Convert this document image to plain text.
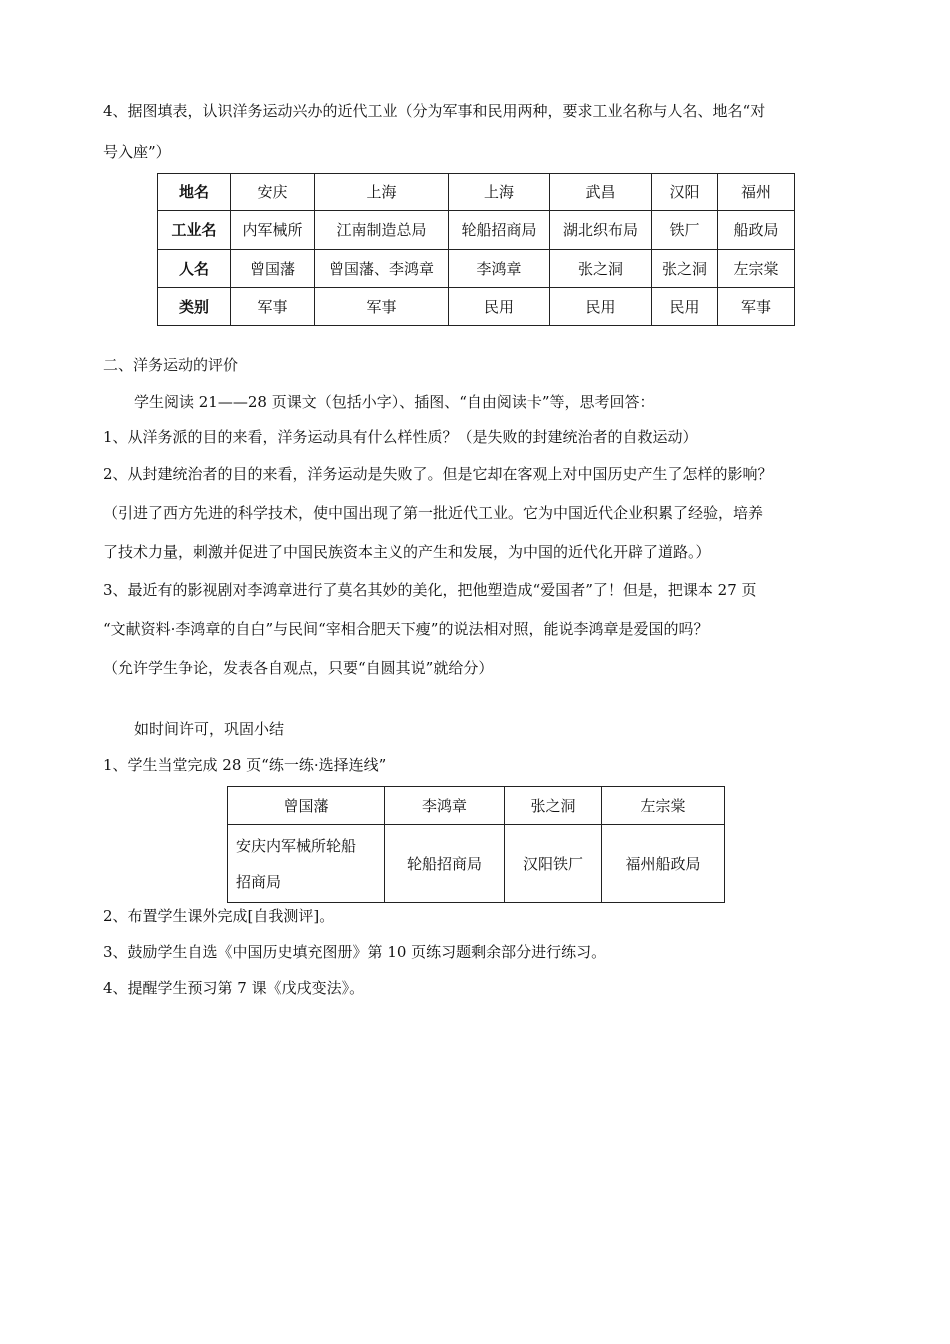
4、据图填表，认识洋务运动兴办的近代工业（分为军事和民用两种，要求工业名称与人名、地名“对
号入座”）
地名	安庆	上海	上海	武昌	汉阳	福州
工业名	内军械所	江南制造总局	轮船招商局	湖北织布局	铁厂	船政局
人名	曾国藩	曾国藩、李鸿章	李鸿章	张之洞	张之洞	左宗棠
类别	军事	军事	民用	民用	民用	军事
二、洋务运动的评价
学生阅读 21——28 页课文（包括小字）、插图、“自由阅读卡”等，思考回答：
1、从洋务派的目的来看，洋务运动具有什么样性质？（是失败的封建统治者的自救运动）
2、从封建统治者的目的来看，洋务运动是失败了。但是它却在客观上对中国历史产生了怎样的影响？
（引进了西方先进的科学技术，使中国出现了第一批近代工业。它为中国近代企业积累了经验，培养
了技术力量，刺激并促进了中国民族资本主义的产生和发展，为中国的近代化开辟了道路。）
3、最近有的影视剧对李鸿章进行了莫名其妙的美化，把他塑造成“爱国者”了！但是，把课本 27 页
“文献资料·李鸿章的自白”与民间“宰相合肥天下瘦”的说法相对照，能说李鸿章是爱国的吗？
（允许学生争论，发表各自观点，只要“自圆其说”就给分）
如时间许可，巩固小结
1、学生当堂完成 28 页“练一练·选择连线”
曾国藩	李鸿章	张之洞	左宗棠

安庆内军械所轮船
招商局	轮船招商局	汉阳铁厂	福州船政局
2、布置学生课外完成[自我测评]。
3、鼓励学生自选《中国历史填充图册》第 10 页练习题剩余部分进行练习。
4、提醒学生预习第 7 课《戊戌变法》。
